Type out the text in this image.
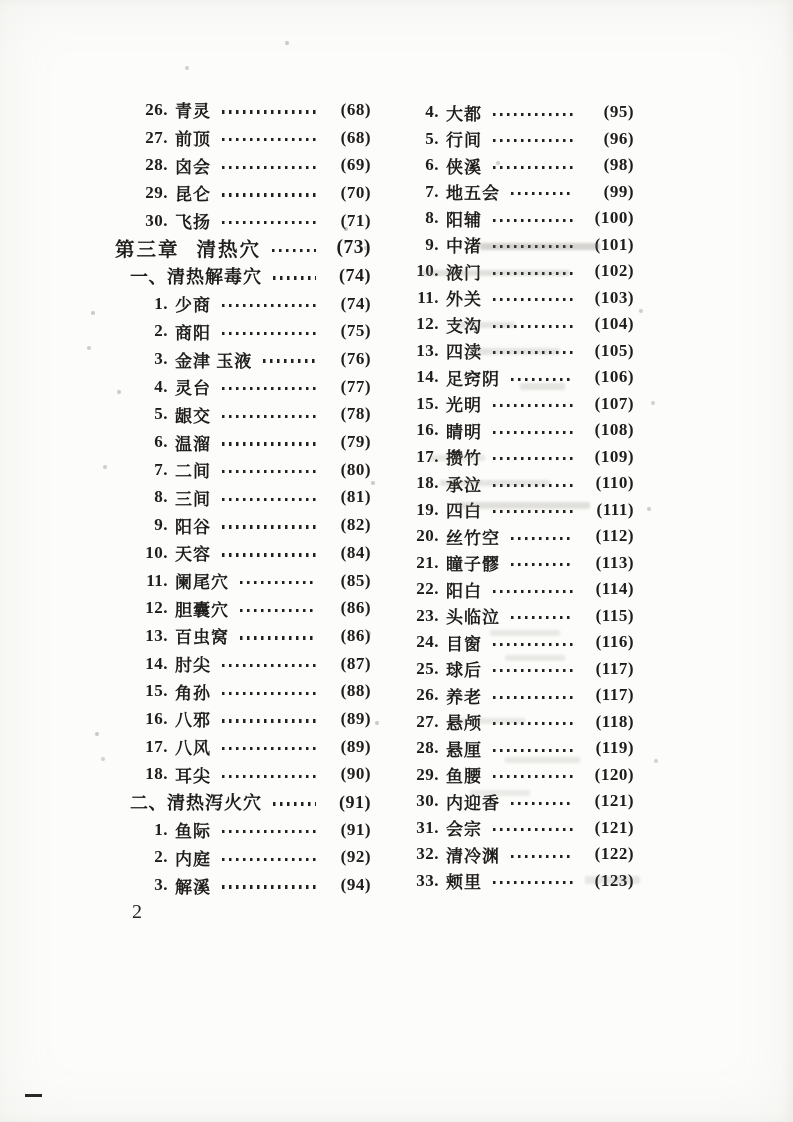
26. 青灵	(68)
27. 前顶	(68)
28. 囟会	(69)
29. 昆仑	(70)
30. 飞扬	(71)
第三章 清热穴	(73)
一、 清热解毒穴	(74)
1. 少商	(74)
2. 商阳	(75)
3. 金津 玉液	(76)
4. 灵台	(77)
5. 龈交	(78)
6. 温溜	(79)
7. 二间	(80)
8. 三间	(81)
9. 阳谷	(82)
10. 天容	(84)
11. 阑尾穴	(85)
12. 胆囊穴	(86)
13. 百虫窝	(86)
14. 肘尖	(87)
15. 角孙	(88)
16. 八邪	(89)
17. 八风	(89)
18. 耳尖	(90)
二、 清热泻火穴	(91)
1. 鱼际	(91)
2. 内庭	(92)
3. 解溪	(94)
4. 大都	(95)
5. 行间	(96)
6. 侠溪	(98)
7. 地五会	(99)
8. 阳辅	(100)
9. 中渚	(101)
10. 液门	(102)
11. 外关	(103)
12. 支沟	(104)
13. 四渎	(105)
14. 足窍阴	(106)
15. 光明	(107)
16. 睛明	(108)
17. 攒竹	(109)
18. 承泣	(110)
19. 四白	(111)
20. 丝竹空	(112)
21. 瞳子髎	(113)
22. 阳白	(114)
23. 头临泣	(115)
24. 目窗	(116)
25. 球后	(117)
26. 养老	(117)
27. 悬颅	(118)
28. 悬厘	(119)
29. 鱼腰	(120)
30. 内迎香	(121)
31. 会宗	(121)
32. 清冷渊	(122)
33. 颊里	(123)
2
